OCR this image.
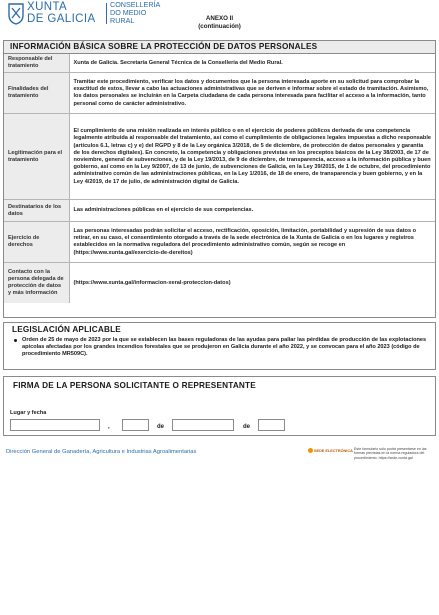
XUNTA
DE GALICIA
CONSELLERÍA
DO MEDIO
RURAL	ANEXO II
(continuación)
INFORMACIÓN BÁSICA SOBRE LA PROTECCIÓN DE DATOS PERSONALES
Responsable del tratamiento	Xunta de Galicia. Secretaría General Técnica de la Consellería del Medio Rural.
Finalidades del tratamiento	Tramitar este procedimiento, verificar los datos y documentos que la persona interesada aporte en su solicitud para comprobar la exactitud de estos, llevar a cabo las actuaciones administrativas que se deriven e informar sobre el estado de tramitación. Asimismo, los datos personales se incluirán en la Carpeta ciudadana de cada persona interesada para facilitar el acceso a la información, tanto personal como de carácter administrativo.
Legitimación para el tratamiento	El cumplimiento de una misión realizada en interés público o en el ejercicio de poderes públicos derivada de una competencia legalmente atribuida al responsable del tratamiento, así como el cumplimiento de obligaciones legales impuestas a dicho responsable (artículos 6.1, letras c) y e) del RGPD y 8 de la Ley orgánica 3/2018, de 5 de diciembre, de protección de datos personales y garantía de los derechos digitales). En concreto, la competencia y obligaciones previstas en los preceptos básicos de la Ley 38/2003, de 17 de noviembre, general de subvenciones, y de la Ley 19/2013, de 9 de diciembre, de transparencia, acceso a la información pública y buen gobierno, así como en la Ley 9/2007, de 13 de junio, de subvenciones de Galicia, en la Ley 39/2015, de 1 de octubre, del procedimiento administrativo común de las administraciones públicas, en la Ley 1/2016, de 18 de enero, de transparencia y buen gobierno, y en la Ley 4/2019, de 17 de julio, de administración digital de Galicia.
Destinatarios de los datos	Las administraciones públicas en el ejercicio de sus competencias.
Ejercicio de derechos	Las personas interesadas podrán solicitar el acceso, rectificación, oposición, limitación, portabilidad y supresión de sus datos o retirar, en su caso, el consentimiento otorgado a través de la sede electrónica de la Xunta de Galicia o en los lugares y registros establecidos en la normativa reguladora del procedimiento administrativo común, según se recoge en (https://www.xunta.gal/exercicio-de-dereitos)
Contacto con la persona delegada de protección de datos y más información	(https://www.xunta.gal/informacion-xeral-proteccion-datos)
LEGISLACIÓN APLICABLE
Orden de 25 de mayo de 2023 por la que se establecen las bases reguladoras de las ayudas para paliar las pérdidas de producción de las explotaciones apícolas afectadas por los grandes incendios forestales que se produjeron en Galicia durante el año 2022, y se convocan para el año 2023 (código de procedimiento MR509C).
FIRMA DE LA PERSONA SOLICITANTE O REPRESENTANTE
Lugar y fecha
,	de	de
Dirección General de Ganadería, Agricultura e Industrias Agroalimentarias	SEDE ELECTRÓNICA Este formulario sólo podrá presentarse en las formas previstas en la norma reguladora del procedimiento. https://sede.xunta.gal
